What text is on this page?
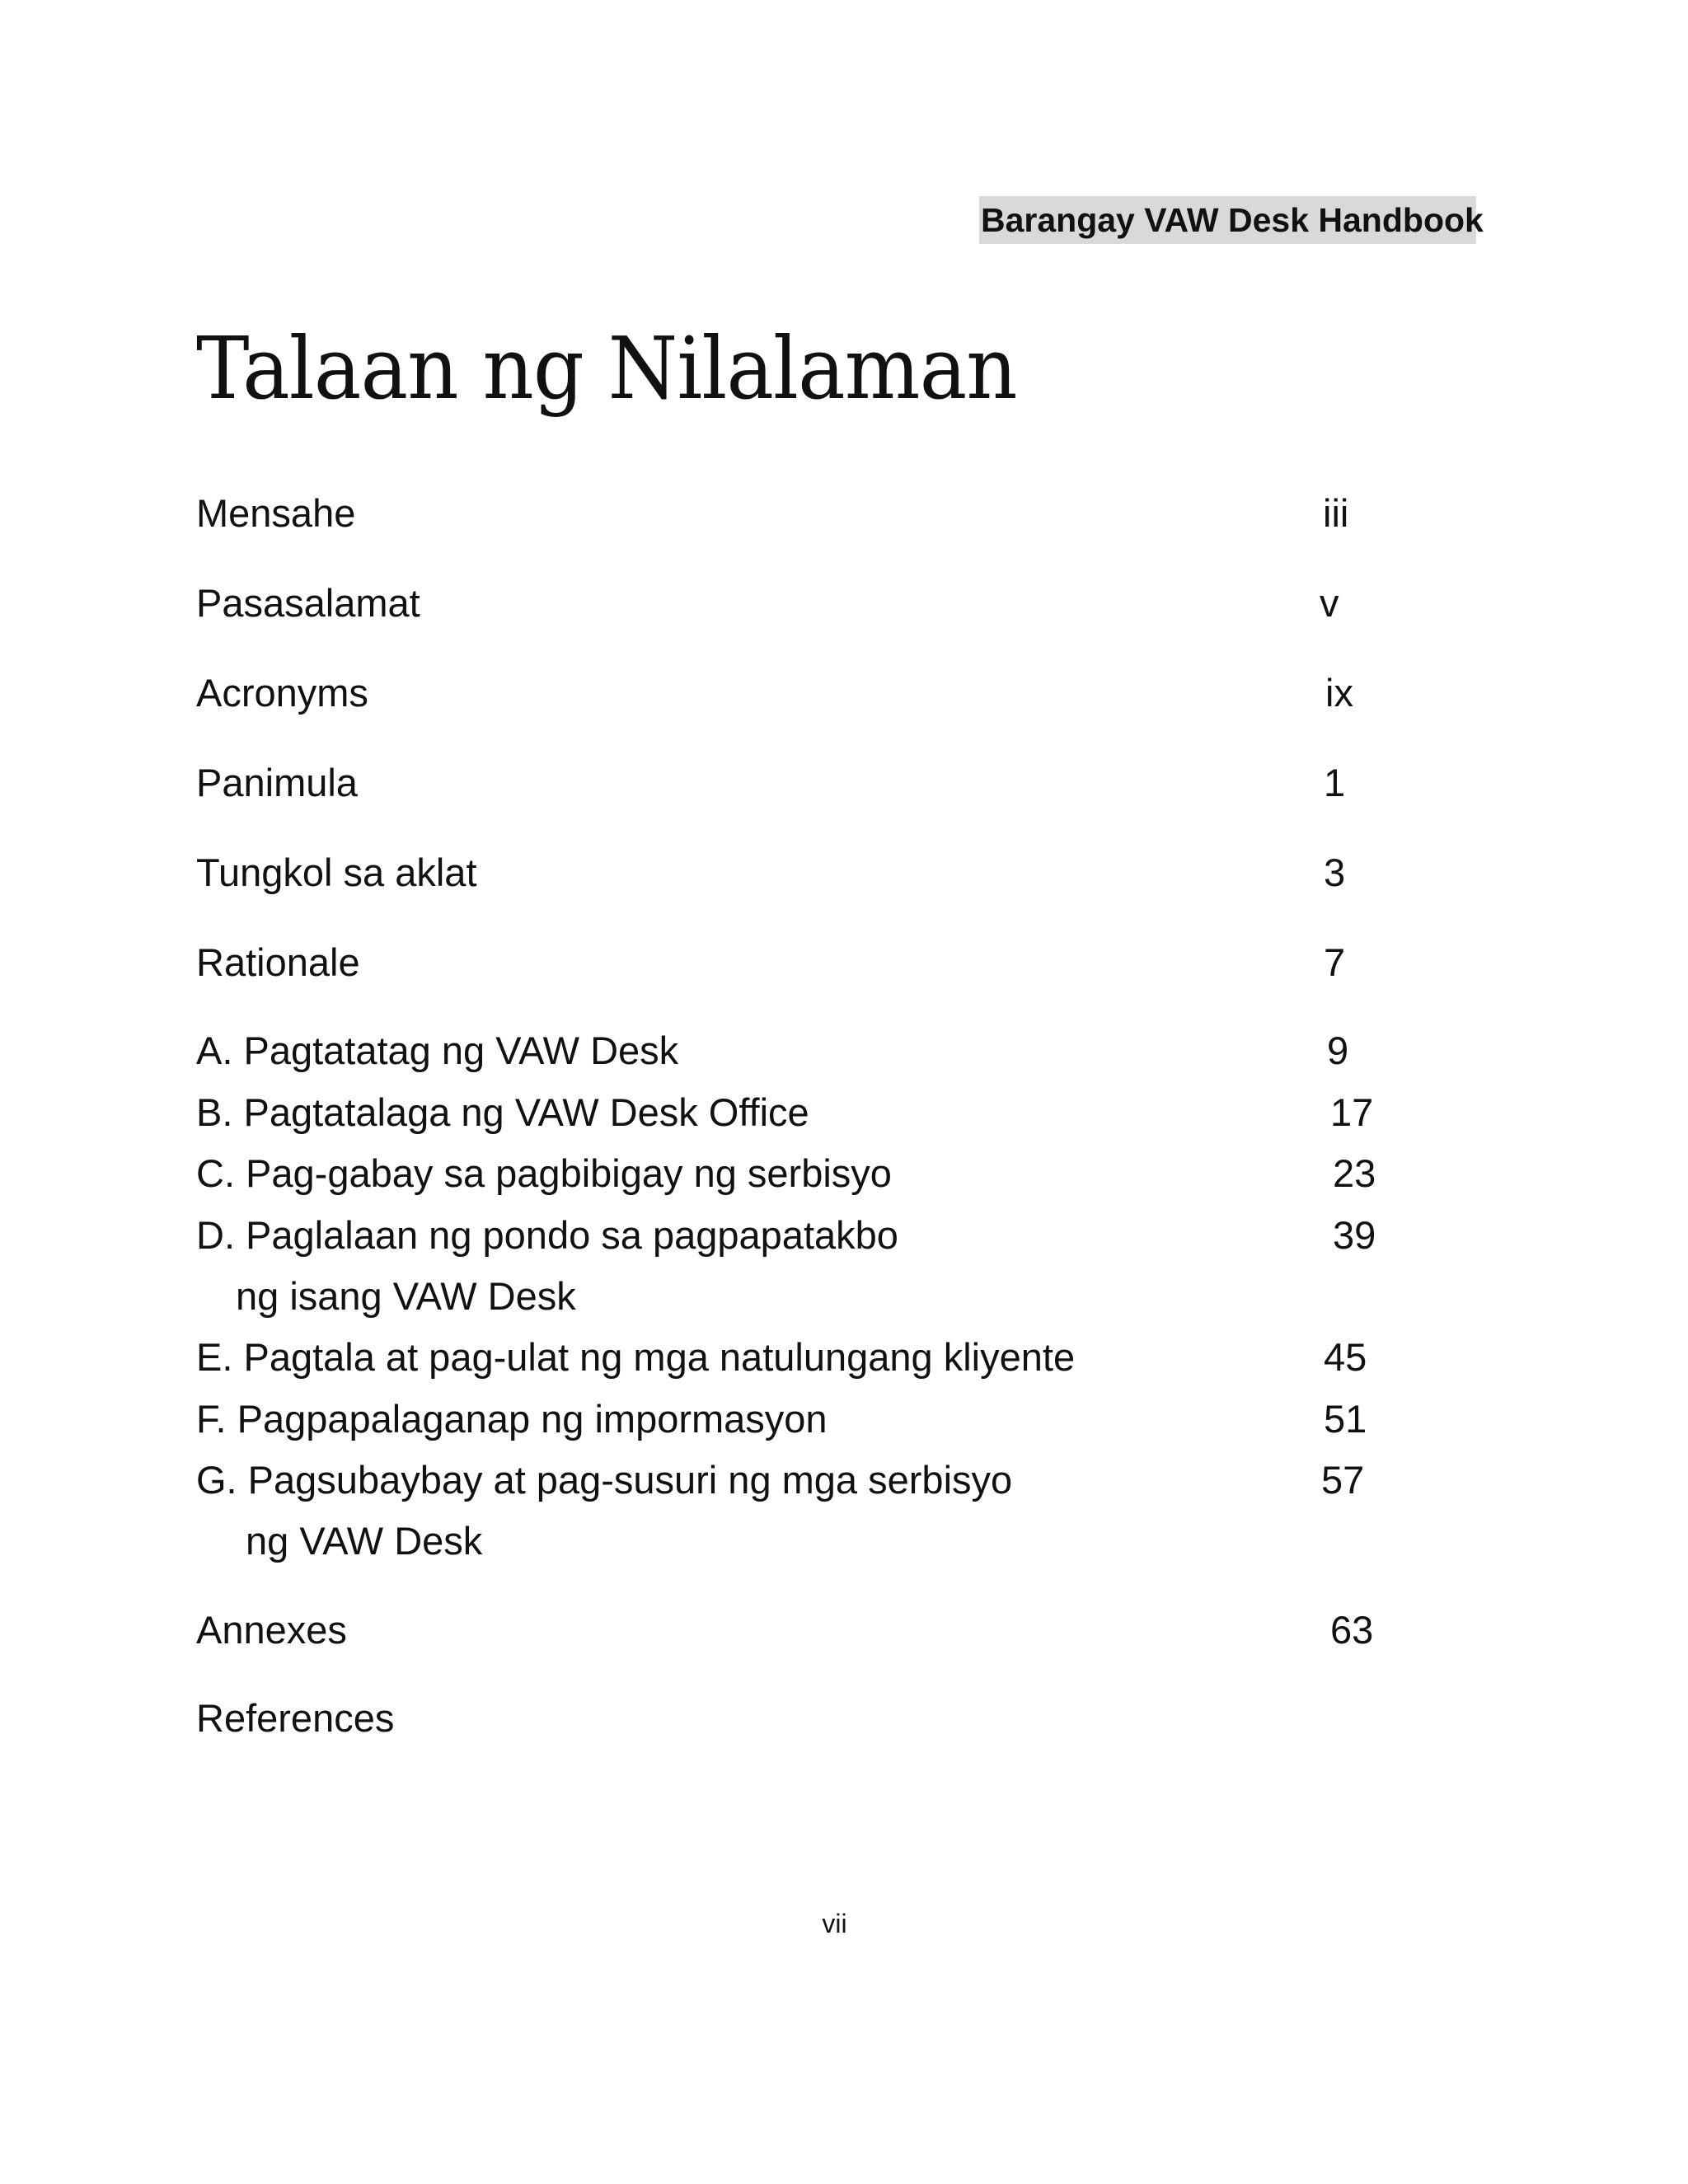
Barangay VAW Desk Handbook
Talaan ng Nilalaman
Mensahe	iii
Pasasalamat	v
Acronyms	ix
Panimula	1
Tungkol sa aklat	3
Rationale	7
A. Pagtatatag ng VAW Desk	9
B. Pagtatalaga ng VAW Desk Office	17
C. Pag-gabay sa pagbibigay ng serbisyo	23
D. Paglalaan ng pondo sa pagpapatakbo	39
ng isang VAW Desk
E. Pagtala at pag-ulat ng mga natulungang kliyente	45
F. Pagpapalaganap ng impormasyon	51
G. Pagsubaybay at pag-susuri ng mga serbisyo	57
ng VAW Desk
Annexes	63
References
vii
